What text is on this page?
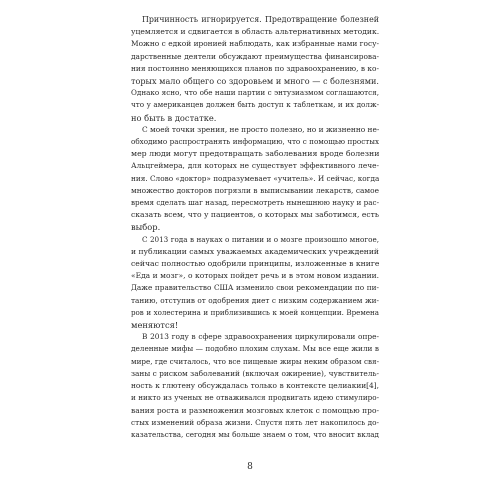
Причинность игнорируется. Предотвращение болезней
уцемляется и сдвигается в область альтернативных методик.
Можно с едкой иронией наблюдать, как избранные нами госу-
дарственные деятели обсуждают преимущества финансирова-
ния постоянно меняющихся планов по здравоохранению, в ко-
торых мало общего со здоровьем и много — с болезнями.
Однако ясно, что обе наши партии с энтузиазмом соглашаются,
что у американцев должен быть доступ к таблеткам, и их долж-
но быть в достатке.

С моей точки зрения, не просто полезно, но и жизненно не-
обходимо распространять информацию, что с помощью простых
мер люди могут предотвращать заболевания вроде болезни
Альцгеймера, для которых не существует эффективного лече-
ния. Слово «доктор» подразумевает «учитель». И сейчас, когда
множество докторов погрязли в выписывании лекарств, самое
время сделать шаг назад, пересмотреть нынешнюю науку и рас-
сказать всем, что у пациентов, о которых мы заботимся, есть
выбор.

С 2013 года в науках о питании и о мозге произошло многое,
и публикации самых уважаемых академических учреждений
сейчас полностью одобрили принципы, изложенные в книге
«Еда и мозг», о которых пойдет речь и в этом новом издании.
Даже правительство США изменило свои рекомендации по пи-
танию, отступив от одобрения диет с низким содержанием жи-
ров и холестерина и приблизившись к моей концепции. Времена
меняются!

В 2013 году в сфере здравоохранения циркулировали опре-
деленные мифы — подобно плохим слухам. Мы все еще жили в
мире, где считалось, что все пищевые жиры неким образом свя-
заны с риском заболеваний (включая ожирение), чувствитель-
ность к глютену обсуждалась только в контексте целиакии[4],
и никто из ученых не отваживался продвигать идею стимулиро-
вания роста и размножения мозговых клеток с помощью про-
стых изменений образа жизни. Спустя пять лет накопилось до-
казательства, сегодня мы больше знаем о том, что вносит вклад

8
